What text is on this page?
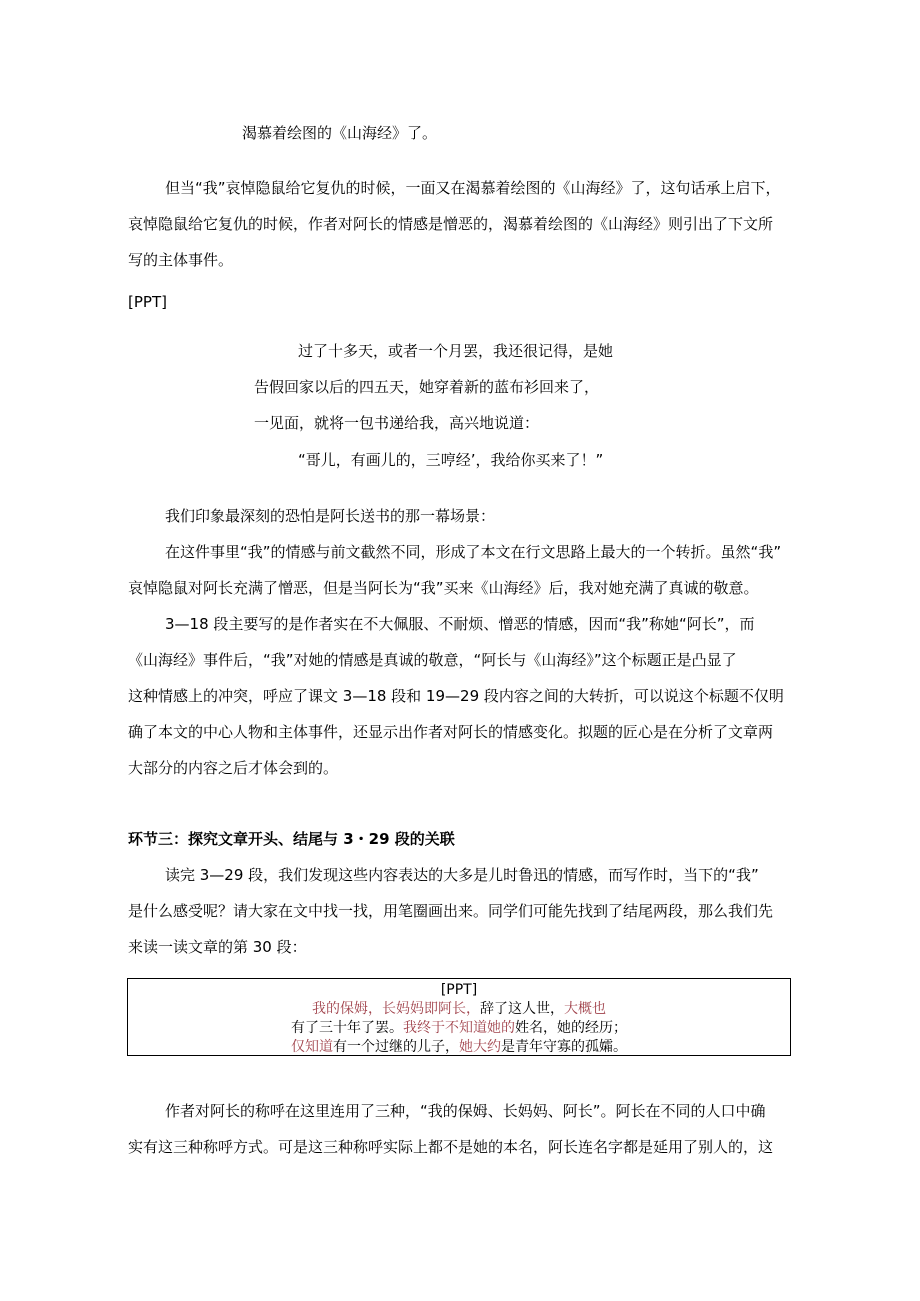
渴慕着绘图的《山海经》了。
但当“我”哀悼隐鼠给它复仇的时候，一面又在渴慕着绘图的《山海经》了，这句话承上启下，
哀悼隐鼠给它复仇的时候，作者对阿长的情感是憎恶的，渴慕着绘图的《山海经》则引出了下文所
写的主体事件。
[PPT]
过了十多天，或者一个月罢，我还很记得，是她
告假回家以后的四五天，她穿着新的蓝布衫回来了，
一见面，就将一包书递给我，高兴地说道：
“哥儿，有画儿的，三哼经’，我给你买来了！”
我们印象最深刻的恐怕是阿长送书的那一幕场景：
在这件事里“我”的情感与前文截然不同，形成了本文在行文思路上最大的一个转折。虽然“我”
哀悼隐鼠对阿长充满了憎恶，但是当阿长为“我”买来《山海经》后，我对她充满了真诚的敬意。
3—18 段主要写的是作者实在不大佩服、不耐烦、憎恶的情感，因而“我”称她“阿长”，而
《山海经》事件后，“我”对她的情感是真诚的敬意，“阿长与《山海经》”这个标题正是凸显了
这种情感上的冲突，呼应了课文 3—18 段和 19—29 段内容之间的大转折，可以说这个标题不仅明
确了本文的中心人物和主体事件，还显示出作者对阿长的情感变化。拟题的匠心是在分析了文章两
大部分的内容之后才体会到的。
环节三：探究文章开头、结尾与 3・29 段的关联
读完 3—29 段，我们发现这些内容表达的大多是儿时鲁迅的情感，而写作时，当下的“我”
是什么感受呢？请大家在文中找一找，用笔圈画出来。同学们可能先找到了结尾两段，那么我们先
来读一读文章的第 30 段：
[PPT]
我的保姆，长妈妈即阿长，辞了这人世，大概也
有了三十年了罢。我终于不知道她的姓名，她的经历；
仅知道有一个过继的儿子，她大约是青年守寡的孤孀。
作者对阿长的称呼在这里连用了三种，“我的保姆、长妈妈、阿长”。阿长在不同的人口中确
实有这三种称呼方式。可是这三种称呼实际上都不是她的本名，阿长连名字都是延用了别人的，这
